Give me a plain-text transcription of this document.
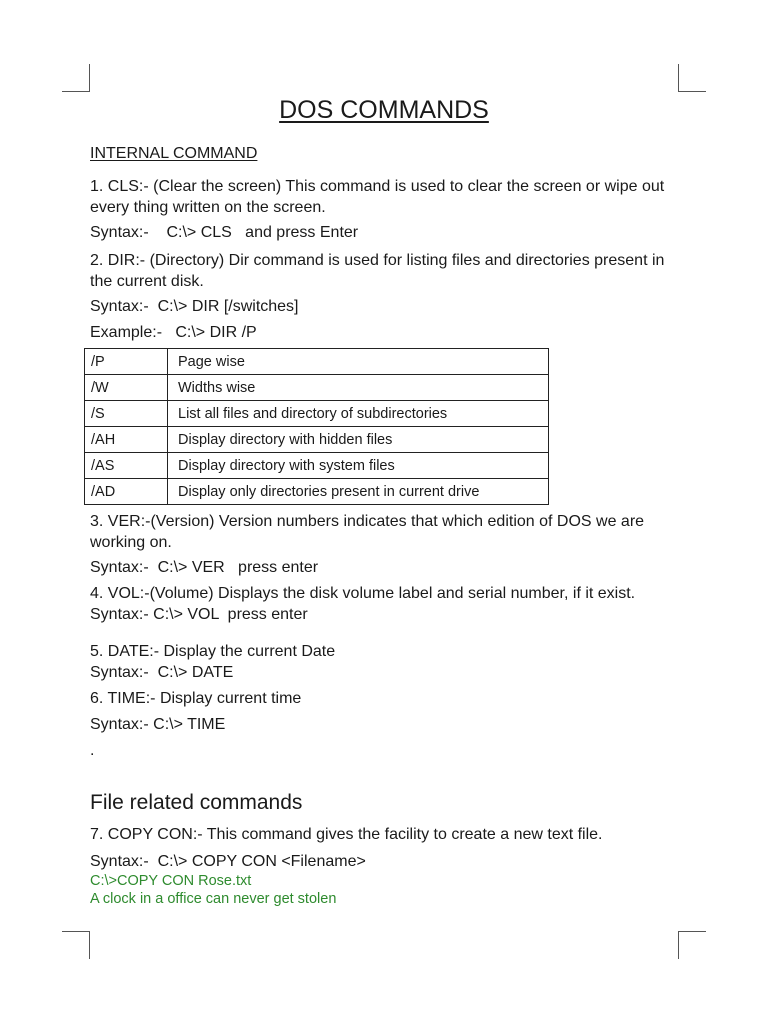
DOS COMMANDS
INTERNAL COMMAND
1. CLS:- (Clear the screen) This command is used to clear the screen or wipe out every thing written on the screen.
Syntax:-    C:\> CLS   and press Enter
2. DIR:- (Directory) Dir command is used for listing files and directories present in the current disk.
Syntax:-  C:\> DIR [/switches]
Example:-   C:\> DIR /P
/P	Page wise
/W	Widths wise
/S	List all files and directory of subdirectories
/AH	Display directory with hidden files
/AS	Display directory with system files
/AD	Display only directories present in current drive
3. VER:-(Version) Version numbers indicates that which edition of DOS we are working on.
Syntax:-  C:\> VER   press enter
4. VOL:-(Volume) Displays the disk volume label and serial number, if it exist.
Syntax:- C:\> VOL  press enter
5. DATE:- Display the current Date
Syntax:-  C:\> DATE
6. TIME:- Display current time
Syntax:- C:\> TIME
.
File related commands
7. COPY CON:- This command gives the facility to create a new text file.
Syntax:-  C:\> COPY CON <Filename>
C:\>COPY CON Rose.txt
A clock in a office can never get stolen
